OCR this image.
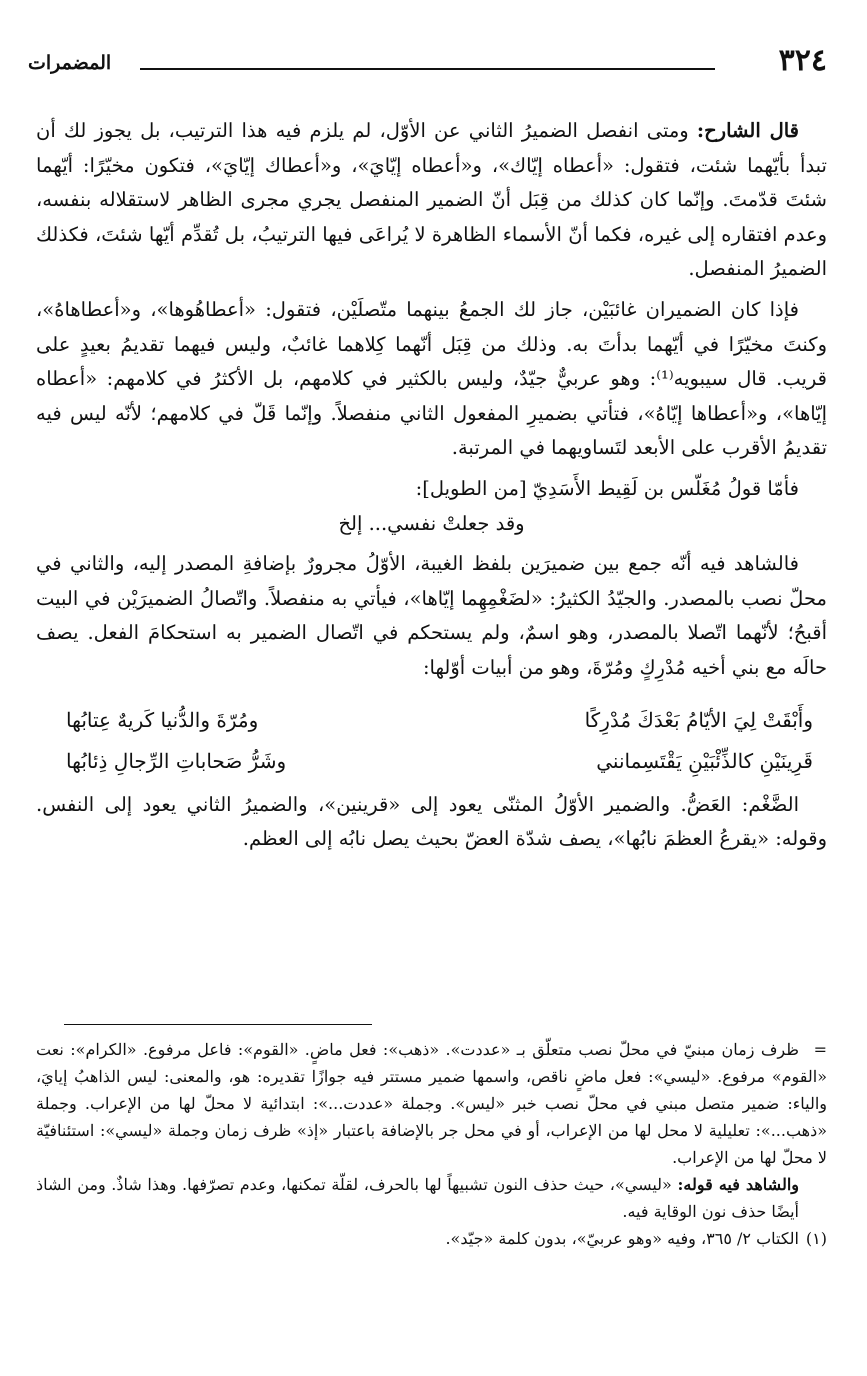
٣٢٤
المضمرات

قال الشارح: ومتى انفصل الضميرُ الثاني عن الأوّل، لم يلزم فيه هذا الترتيب، بل يجوز لك أن تبدأ بأيّهما شئت، فتقول: «أعطاه إيّاك»، و«أعطاه إيّايَ»، و«أعطاك إيّايَ»، فتكون مخيّرًا: أيّهما شئتَ قدّمتَ. وإنّما كان كذلك من قِبَل أنّ الضمير المنفصل يجري مجرى الظاهر لاستقلاله بنفسه، وعدم افتقاره إلى غيره، فكما أنّ الأسماء الظاهرة لا يُراعَى فيها الترتيبُ، بل تُقدِّم أيّها شئتَ، فكذلك الضميرُ المنفصل.

فإذا كان الضميران غائبَيْن، جاز لك الجمعُ بينهما متّصلَيْن، فتقول: «أعطاهُوها»، و«أعطاهاهُ»، وكنتَ مخيّرًا في أيّهما بدأتَ به. وذلك من قِبَل أنّهما كِلاهما غائبٌ، وليس فيهما تقديمُ بعيدٍ على قريب. قال سيبويه⁽¹⁾: وهو عربيٌّ جيّدٌ، وليس بالكثير في كلامهم، بل الأكثرُ في كلامهم: «أعطاه إيّاها»، و«أعطاها إيّاهُ»، فتأتي بضميرِ المفعول الثاني منفصلاً. وإنّما قَلّ في كلامهم؛ لأنّه ليس فيه تقديمُ الأقرب على الأبعد لتَساويهما في المرتبة.

فأمّا قولُ مُغَلّس بن لَقِيط الأَسَدِيّ [من الطويل]:

وقد جعلتْ نفسي... إلخ

فالشاهد فيه أنّه جمع بين ضميرَين بلفظ الغيبة، الأوّلُ مجرورٌ بإضافةِ المصدر إليه، والثاني في محلّ نصب بالمصدر. والجيّدُ الكثيرُ: «لضَغْمِهِما إيّاها»، فيأتي به منفصلاً. واتّصالُ الضميرَيْن في البيت أقبحُ؛ لأنّهما اتّصلا بالمصدر، وهو اسمٌ، ولم يستحكم في اتّصال الضمير به استحكامَ الفعل. يصف حالَه مع بني أخيه مُدْرِكٍ ومُرّةَ، وهو من أبيات أوّلها:

وأَبْقَتْ لِيَ الأيّامُ بَعْدَكَ مُدْرِكًا
ومُرّةَ والدُّنيا كَريهٌ عِتابُها
قَرِينَيْنِ كالذِّئْبَيْنِ يَقْتَسِمانني
وشَرُّ صَحاباتِ الرِّجالِ ذِئابُها

الضَّغْم: العَضُّ. والضمير الأوّلُ المثنّى يعود إلى «قرينين»، والضميرُ الثاني يعود إلى النفس. وقوله: «يقرعُ العظمَ نابُها»، يصف شدّة العضّ بحيث يصل نابُه إلى العظم.

=ظرف زمان مبنيّ في محلّ نصب متعلّق بـ «عددت». «ذهب»: فعل ماضٍ. «القوم»: فاعل مرفوع. «الكرام»: نعت «القوم» مرفوع. «ليسي»: فعل ماضٍ ناقص، واسمها ضمير مستتر فيه جوازًا تقديره: هو، والمعنى: ليس الذاهبُ إيايَ، والياء: ضمير متصل مبني في محلّ نصب خبر «ليس». وجملة «عددت...»: ابتدائية لا محلّ لها من الإعراب. وجملة «ذهب...»: تعليلية لا محل لها من الإعراب، أو في محل جر بالإضافة باعتبار «إذ» ظرف زمان وجملة «ليسي»: استئنافيّة لا محلّ لها من الإعراب.

والشاهد فيه قوله: «ليسي»، حيث حذف النون تشبيهاً لها بالحرف، لقلّة تمكنها، وعدم تصرّفها. وهذا شاذٌ. ومن الشاذ أيضًا حذف نون الوقاية فيه.

(١)الكتاب ٢/ ٣٦٥، وفيه «وهو عربيّ»، بدون كلمة «جيّد».
